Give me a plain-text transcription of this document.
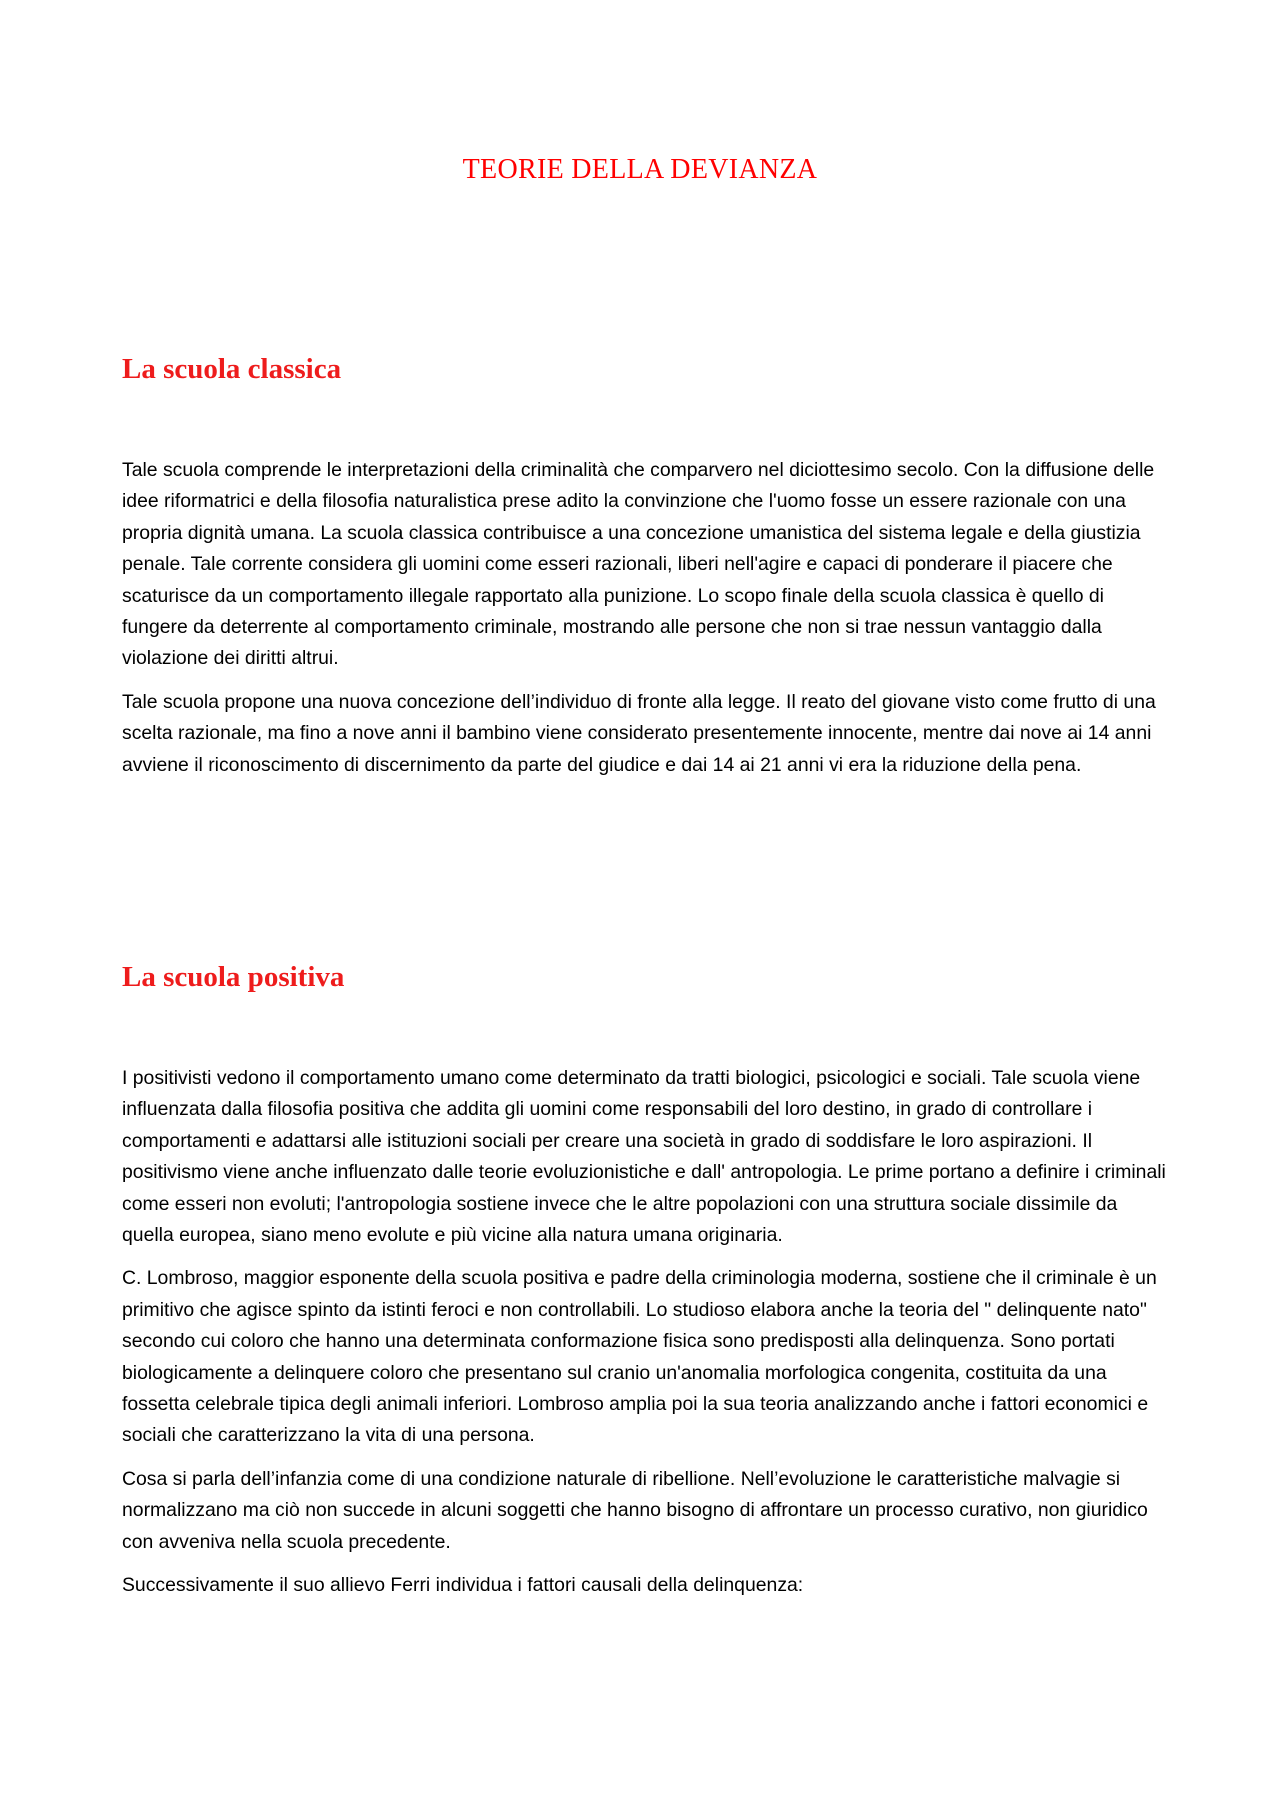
TEORIE DELLA DEVIANZA
La scuola classica

Tale scuola comprende le interpretazioni della criminalità che comparvero nel diciottesimo secolo. Con la diffusione delle idee riformatrici e della filosofia naturalistica prese adito la convinzione che l'uomo fosse un essere razionale con una propria dignità umana. La scuola classica contribuisce a una concezione umanistica del sistema legale e della giustizia penale. Tale corrente considera gli uomini come esseri razionali, liberi nell'agire e capaci di ponderare il piacere che scaturisce da un comportamento illegale rapportato alla punizione. Lo scopo finale della scuola classica è quello di fungere da deterrente al comportamento criminale, mostrando alle persone che non si trae nessun vantaggio dalla violazione dei diritti altrui.

Tale scuola propone una nuova concezione dell’individuo di fronte alla legge. Il reato del giovane visto come frutto di una scelta razionale, ma fino a nove anni il bambino viene considerato presentemente innocente, mentre dai nove ai 14 anni avviene il riconoscimento di discernimento da parte del giudice e dai 14 ai 21 anni vi era la riduzione della pena.

La scuola positiva

I positivisti vedono il comportamento umano come determinato da tratti biologici, psicologici e sociali. Tale scuola viene influenzata dalla filosofia positiva che addita gli uomini come responsabili del loro destino, in grado di controllare i comportamenti e adattarsi alle istituzioni sociali per creare una società in grado di soddisfare le loro aspirazioni. Il positivismo viene anche influenzato dalle teorie evoluzionistiche e dall' antropologia. Le prime portano a definire i criminali come esseri non evoluti; l'antropologia sostiene invece che le altre popolazioni con una struttura sociale dissimile da quella europea, siano meno evolute e più vicine alla natura umana originaria.

C. Lombroso, maggior esponente della scuola positiva e padre della criminologia moderna, sostiene che il criminale è un primitivo che agisce spinto da istinti feroci e non controllabili. Lo studioso elabora anche la teoria del " delinquente nato" secondo cui coloro che hanno una determinata conformazione fisica sono predisposti alla delinquenza. Sono portati biologicamente a delinquere coloro che presentano sul cranio un'anomalia morfologica congenita, costituita da una fossetta celebrale tipica degli animali inferiori. Lombroso amplia poi la sua teoria analizzando anche i fattori economici e sociali che caratterizzano la vita di una persona.

Cosa si parla dell’infanzia come di una condizione naturale di ribellione. Nell’evoluzione le caratteristiche malvagie si normalizzano ma ciò non succede in alcuni soggetti che hanno bisogno di affrontare un processo curativo, non giuridico con avveniva nella scuola precedente.

Successivamente il suo allievo Ferri individua i fattori causali della delinquenza:
